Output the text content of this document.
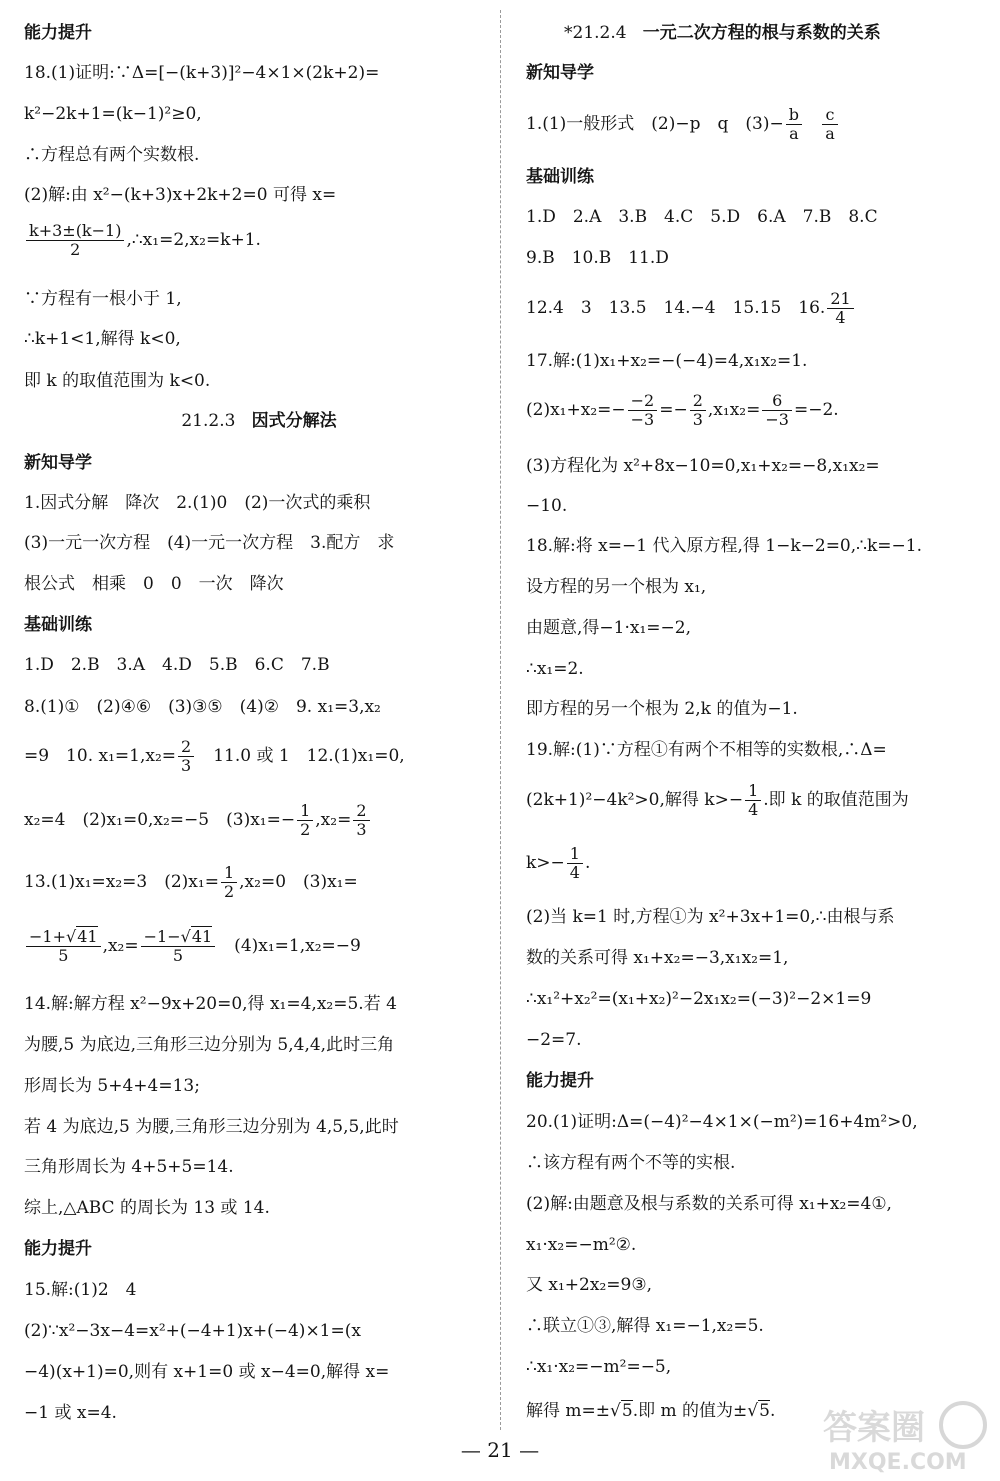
能力提升
18.(1)证明:∵Δ=[−(k+3)]²−4×1×(2k+2)=
k²−2k+1=(k−1)²≥0,
∴方程总有两个实数根.
(2)解:由 x²−(k+3)x+2k+2=0 可得 x=
$\frac{k+3\pm(k-1)}{2}$ ,∴x₁=2,x₂=k+1.
∵方程有一根小于 1,
∴k+1<1,解得 k<0,
即 k 的取值范围为 k<0.
21.2.3 因式分解法
新知导学
1.因式分解　降次　2.(1)0　(2)一次式的乘积
(3)一元一次方程　(4)一元一次方程　3.配方　求
根公式　相乘　0　0　一次　降次
基础训练
1.D　2.B　3.A　4.D　5.B　6.C　7.B
8.(1)①　(2)④⑥　(3)③⑤　(4)②　9. x₁=3,x₂
=9　10. $x_1=1,x_2= \frac{2}{3}$ 　11.0 或 1　12.(1)x₁=0,
x₂=4　(2)x₁=0,x₂=−5　$(3)x_1=- \frac{1}{2} ,x_2= \frac{2}{3}$
13.(1)x₁=x₂=3　$(2)x_1= \frac{1}{2} ,x_2=0$　(3)x₁=
$\frac{-1+√41}{5} ,x_2= \frac{-1-√41}{5}$ 　(4)x₁=1,x₂=−9
14.解:解方程 x²−9x+20=0,得 x₁=4,x₂=5.若 4
为腰,5 为底边,三角形三边分别为 5,4,4,此时三角
形周长为 5+4+4=13;
若 4 为底边,5 为腰,三角形三边分别为 4,5,5,此时
三角形周长为 4+5+5=14.
综上,△ABC 的周长为 13 或 14.
能力提升
15.解:(1)2　4
(2)∵x²−3x−4=x²+(−4+1)x+(−4)×1=(x
−4)(x+1)=0,则有 x+1=0 或 x−4=0,解得 x=
−1 或 x=4.
*21.2.4 一元二次方程的根与系数的关系
新知导学
1.(1)一般形式　(2)−p　q　$(3)- \frac{b}{a}$
$\frac{c}{a}$
基础训练
1.D　2.A　3.B　4.C　5.D　6.A　7.B　8.C
9.B　10.B　11.D
12.4　3　13.5　14.−4　15.15　16. $\frac{21}{4}$
17.解:(1)x₁+x₂=−(−4)=4,x₁x₂=1.
$(2)x_1+x_2=- \frac{-2}{-3} =- \frac{2}{3} ,x_1x_2= \frac{6}{-3} =-2$.
(3)方程化为 x²+8x−10=0,x₁+x₂=−8,x₁x₂=
−10.
18.解:将 x=−1 代入原方程,得 1−k−2=0,∴k=−1.
设方程的另一个根为 x₁,
由题意,得−1·x₁=−2,
∴x₁=2.
即方程的另一个根为 2,k 的值为−1.
19.解:(1)∵方程①有两个不相等的实数根,∴Δ=
(2k+1)²−4k²>0,解得 $k>- \frac{1}{4}$ .即 k 的取值范围为
$k>- \frac{1}{4}$ .
(2)当 k=1 时,方程①为 x²+3x+1=0,∴由根与系
数的关系可得 x₁+x₂=−3,x₁x₂=1,
∴x₁²+x₂²=(x₁+x₂)²−2x₁x₂=(−3)²−2×1=9
−2=7.
能力提升
20.(1)证明:Δ=(−4)²−4×1×(−m²)=16+4m²>0,
∴该方程有两个不等的实根.
(2)解:由题意及根与系数的关系可得 x₁+x₂=4①,
x₁·x₂=−m²②.
又 x₁+2x₂=9③,
∴联立①③,解得 x₁=−1,x₂=5.
∴x₁·x₂=−m²=−5,
解得 m=±√5.即 m 的值为±√5.
— 21 —
答案圈
MXQE.COM
